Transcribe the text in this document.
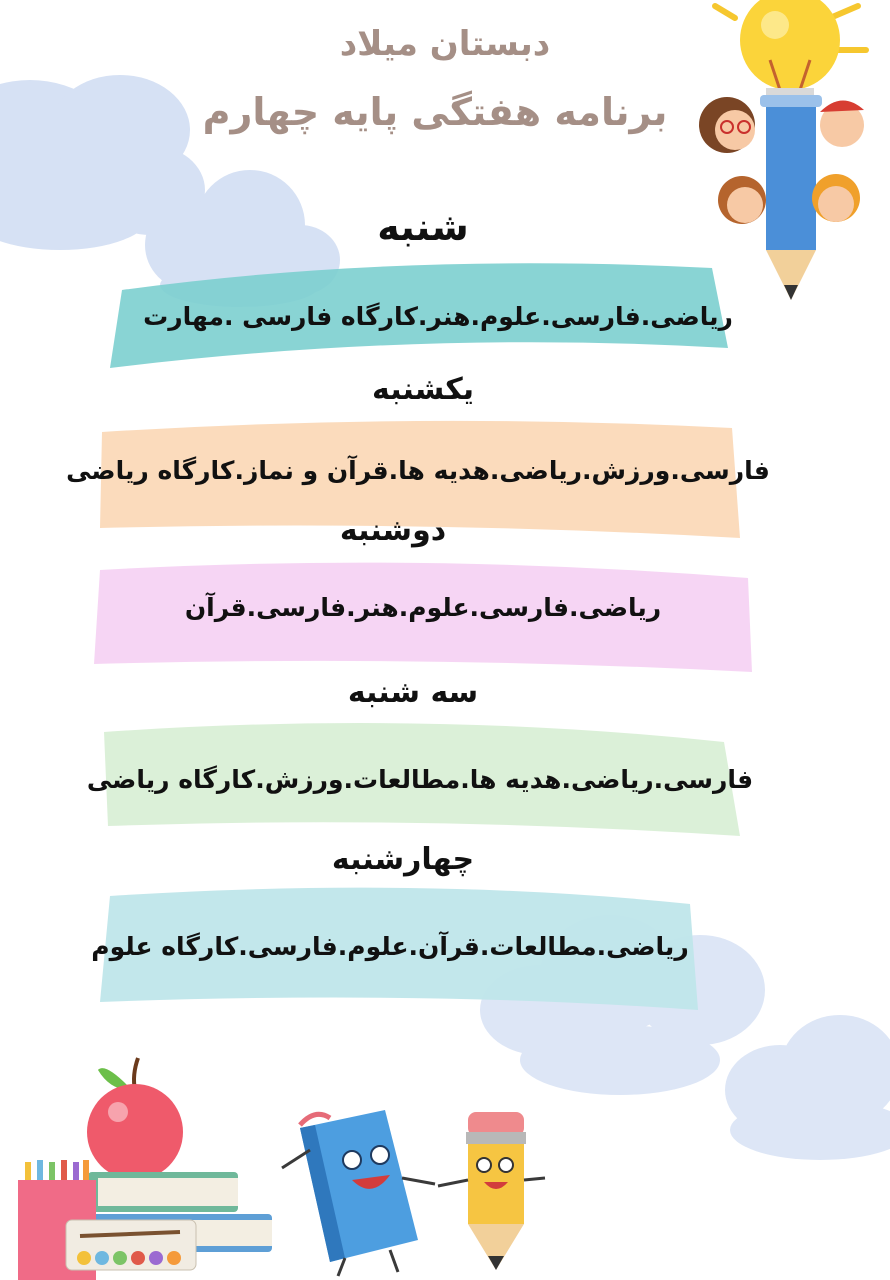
دبستان میلاد
برنامه هفتگی پایه چهارم
شنبه
ریاضی.فارسی.علوم.هنر.کارگاه فارسی .مهارت
یکشنبه
فارسی.ورزش.ریاضی.هدیه ها.قرآن و نماز.کارگاه ریاضی
دوشنبه
ریاضی.فارسی.علوم.هنر.فارسی.قرآن
سه شنبه
فارسی.ریاضی.هدیه ها.مطالعات.ورزش.کارگاه ریاضی
چهارشنبه
ریاضی.مطالعات.قرآن.علوم.فارسی.کارگاه علوم
